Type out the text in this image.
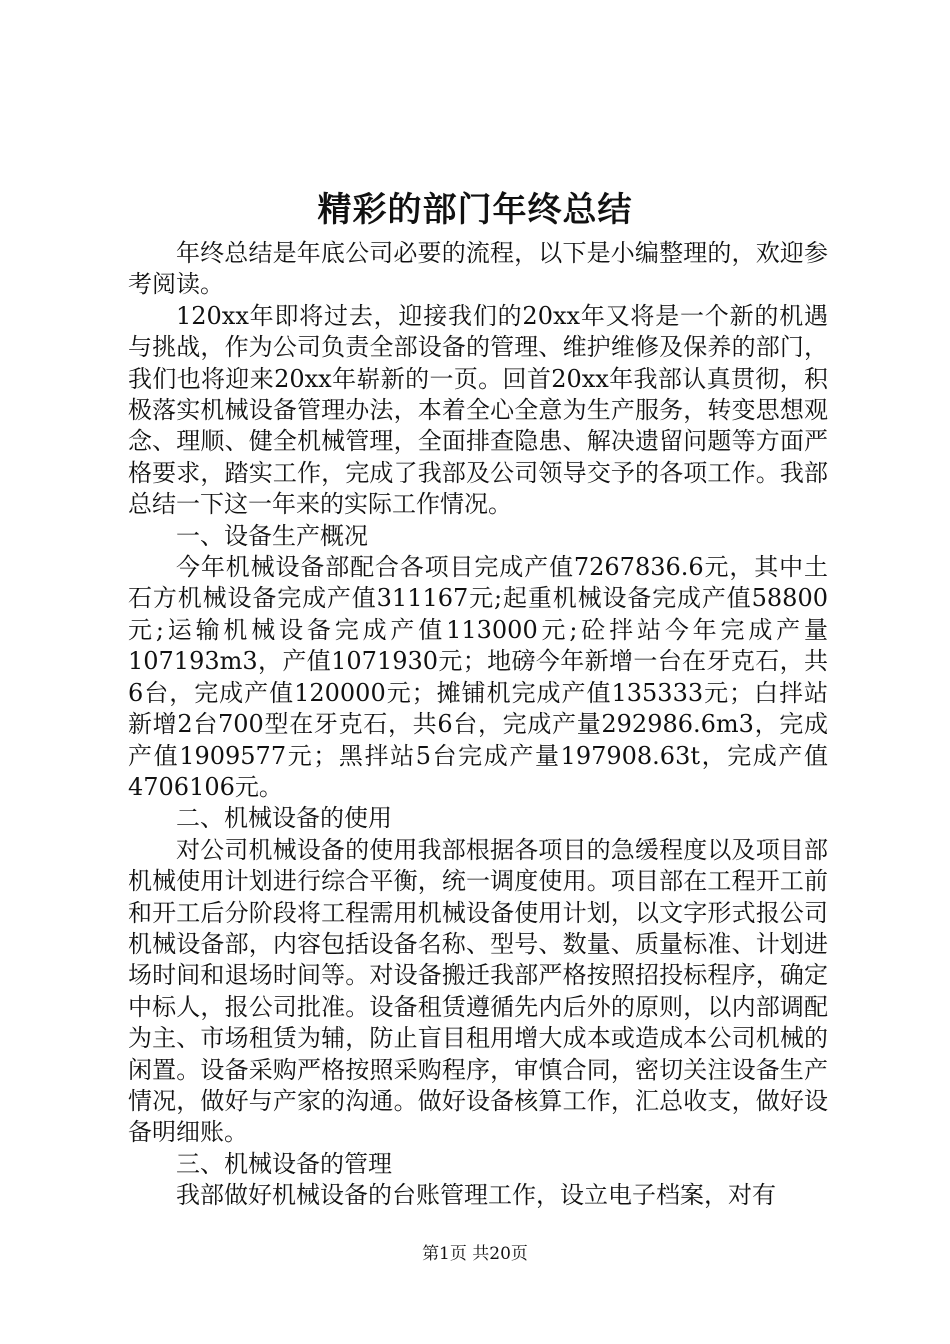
精彩的部门年终总结

年终总结是年底公司必要的流程，以下是小编整理的，欢迎参考阅读。

120xx年即将过去，迎接我们的20xx年又将是一个新的机遇与挑战，作为公司负责全部设备的管理、维护维修及保养的部门，我们也将迎来20xx年崭新的一页。回首20xx年我部认真贯彻，积极落实机械设备管理办法，本着全心全意为生产服务，转变思想观念、理顺、健全机械管理，全面排查隐患、解决遗留问题等方面严格要求，踏实工作，完成了我部及公司领导交予的各项工作。我部总结一下这一年来的实际工作情况。

一、设备生产概况

今年机械设备部配合各项目完成产值7267836.6元，其中土石方机械设备完成产值311167元;起重机械设备完成产值58800元;运输机械设备完成产值113000元;砼拌站今年完成产量107193m3，产值1071930元；地磅今年新增一台在牙克石，共6台，完成产值120000元；摊铺机完成产值135333元；白拌站新增2台700型在牙克石，共6台，完成产量292986.6m3，完成产值1909577元；黑拌站5台完成产量197908.63t，完成产值4706106元。

二、机械设备的使用

对公司机械设备的使用我部根据各项目的急缓程度以及项目部机械使用计划进行综合平衡，统一调度使用。项目部在工程开工前和开工后分阶段将工程需用机械设备使用计划，以文字形式报公司机械设备部，内容包括设备名称、型号、数量、质量标准、计划进场时间和退场时间等。对设备搬迁我部严格按照招投标程序，确定中标人，报公司批准。设备租赁遵循先内后外的原则，以内部调配为主、市场租赁为辅，防止盲目租用增大成本或造成本公司机械的闲置。设备采购严格按照采购程序，审慎合同，密切关注设备生产情况，做好与产家的沟通。做好设备核算工作，汇总收支，做好设备明细账。

三、机械设备的管理

我部做好机械设备的台账管理工作，设立电子档案，对有

第1页 共20页
